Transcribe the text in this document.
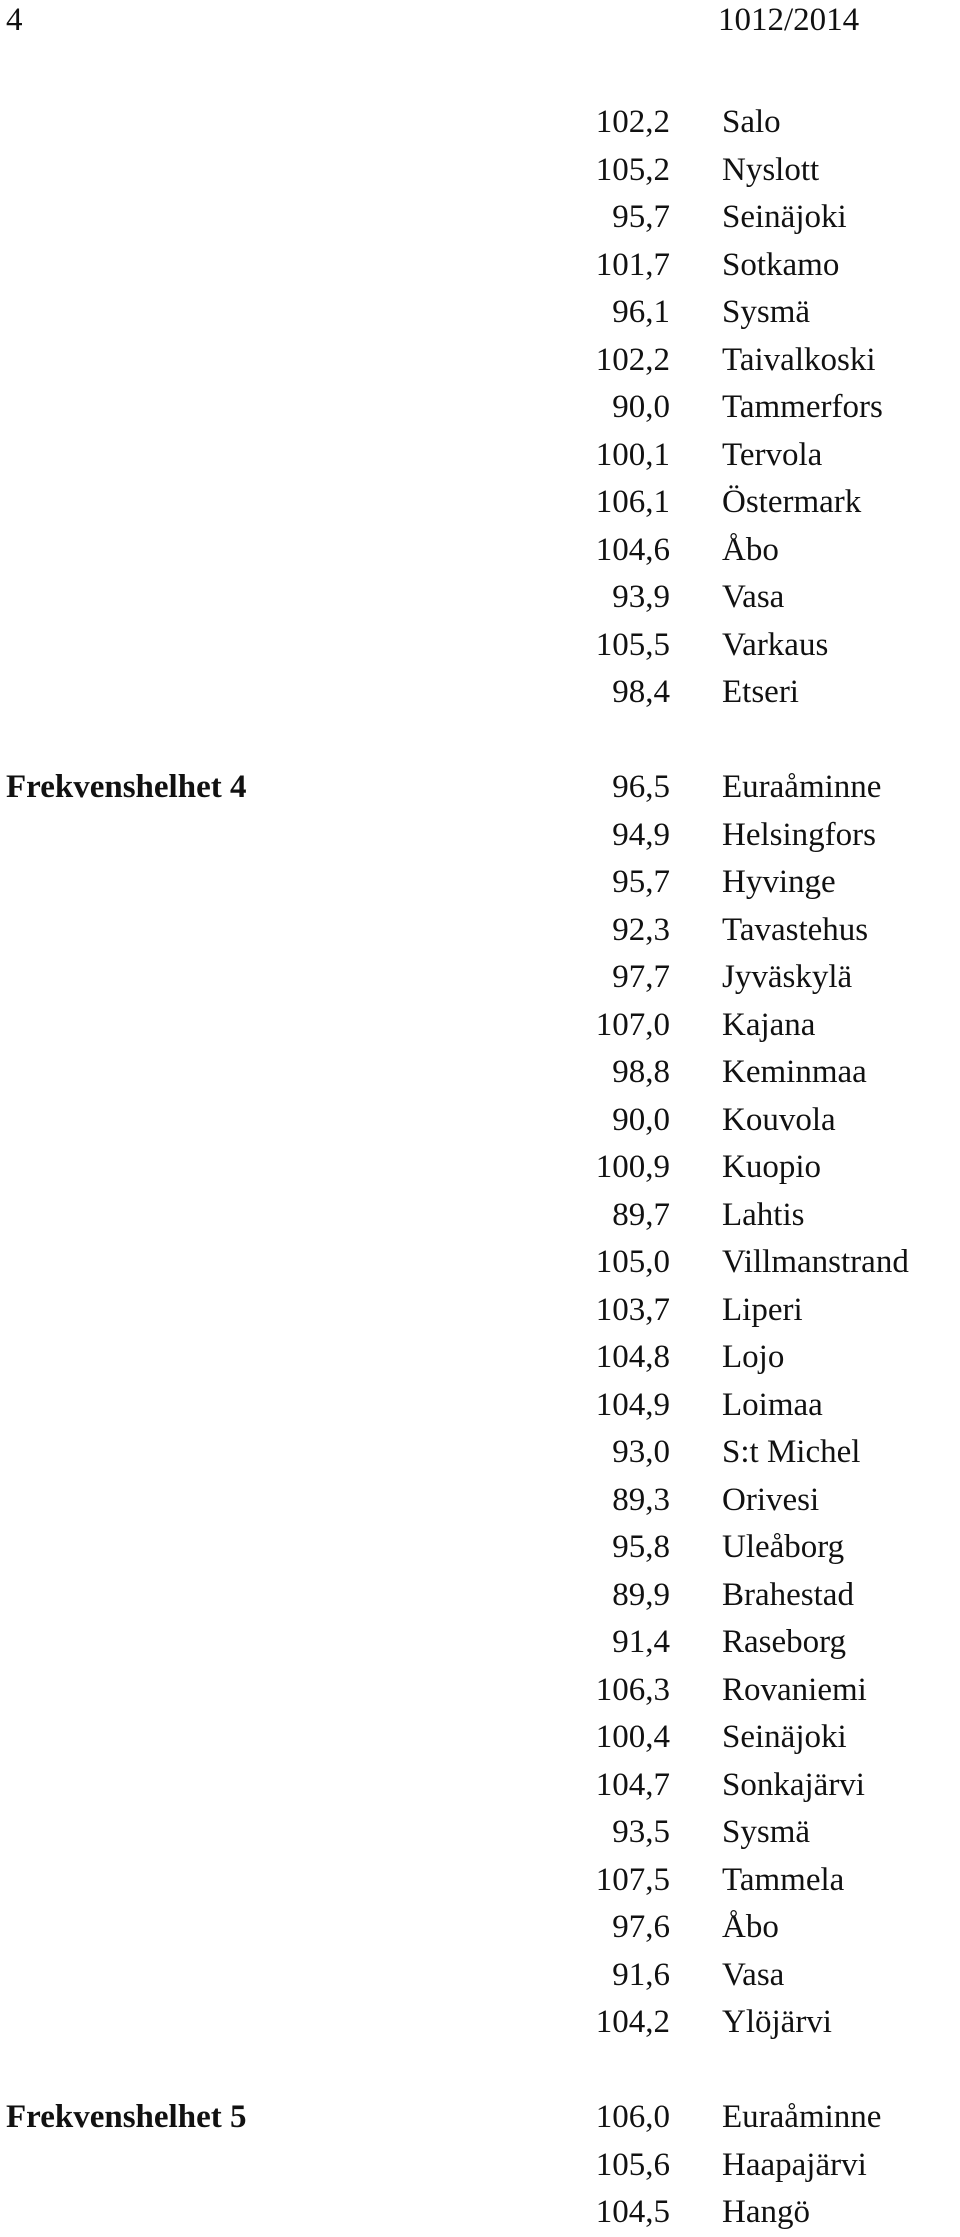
4	1012/2014
102,2 Salo
105,2 Nyslott
95,7 Seinäjoki
101,7 Sotkamo
96,1 Sysmä
102,2 Taivalkoski
90,0 Tammerfors
100,1 Tervola
106,1 Östermark
104,6 Åbo
93,9 Vasa
105,5 Varkaus
98,4 Etseri
Frekvenshelhet 4	96,5 Euraåminne
94,9 Helsingfors
95,7 Hyvinge
92,3 Tavastehus
97,7 Jyväskylä
107,0 Kajana
98,8 Keminmaa
90,0 Kouvola
100,9 Kuopio
89,7 Lahtis
105,0 Villmanstrand
103,7 Liperi
104,8 Lojo
104,9 Loimaa
93,0 S:t Michel
89,3 Orivesi
95,8 Uleåborg
89,9 Brahestad
91,4 Raseborg
106,3 Rovaniemi
100,4 Seinäjoki
104,7 Sonkajärvi
93,5 Sysmä
107,5 Tammela
97,6 Åbo
91,6 Vasa
104,2 Ylöjärvi
Frekvenshelhet 5	106,0 Euraåminne
105,6 Haapajärvi
104,5 Hangö
